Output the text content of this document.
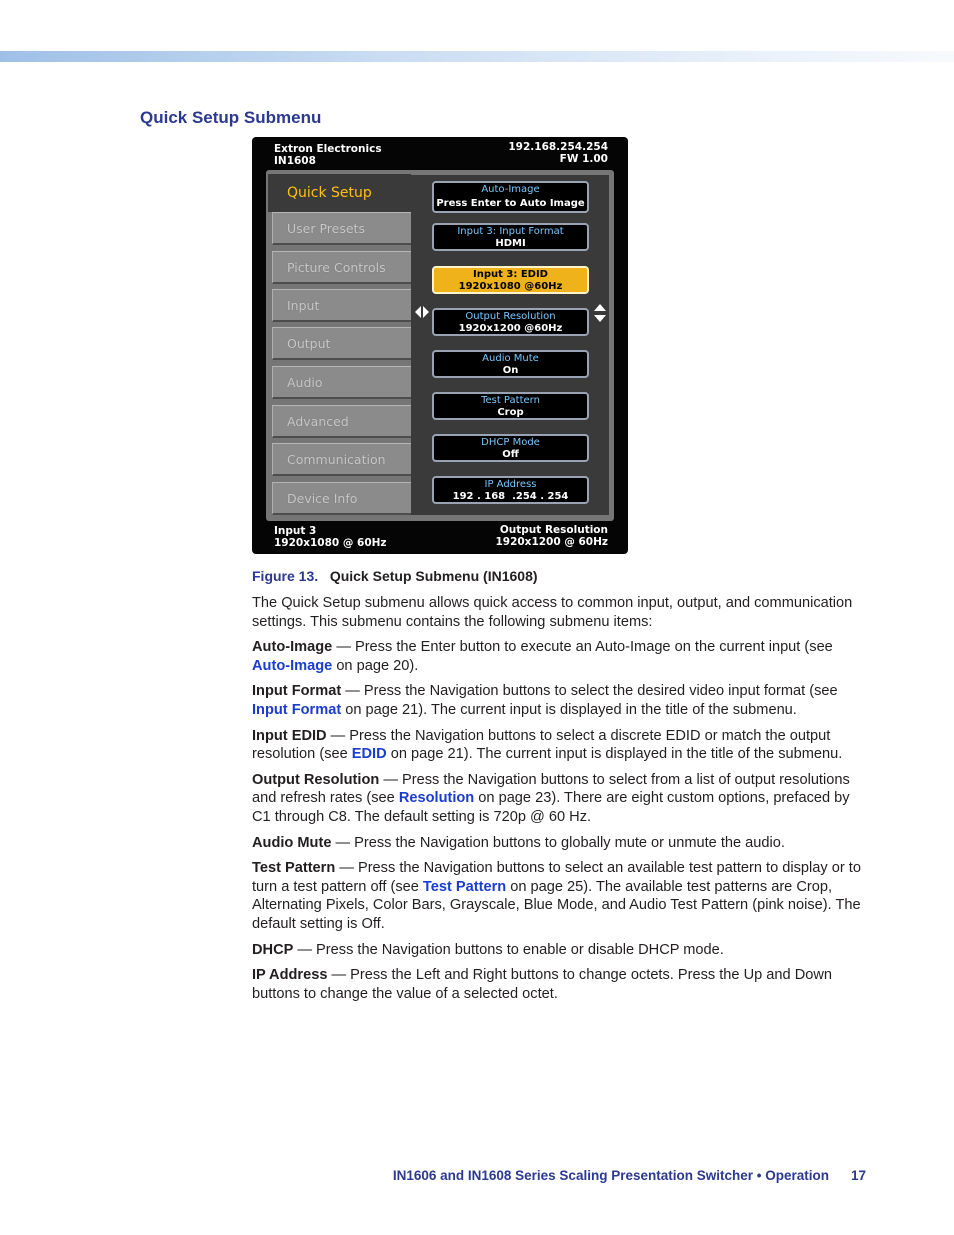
Quick Setup Submenu
Extron Electronics
IN1608
192.168.254.254
FW 1.00
Quick Setup
User Presets
Picture Controls
Input
Output
Audio
Advanced
Communication
Device Info
Auto-Image
Press Enter to Auto Image
Input 3: Input Format
HDMI
Input 3: EDID
1920x1080 @60Hz
Output Resolution
1920x1200 @60Hz
Audio Mute
On
Test Pattern
Crop
DHCP Mode
Off
IP Address
192 . 168  .254 . 254
Input 3
1920x1080 @ 60Hz
Output Resolution
1920x1200 @ 60Hz

Figure 13. Quick Setup Submenu (IN1608)

The Quick Setup submenu allows quick access to common input, output, and communication settings. This submenu contains the following submenu items:

Auto-Image — Press the Enter button to execute an Auto-Image on the current input (see Auto-Image on page 20).

Input Format — Press the Navigation buttons to select the desired video input format (see Input Format on page 21). The current input is displayed in the title of the submenu.

Input EDID — Press the Navigation buttons to select a discrete EDID or match the output resolution (see EDID on page 21). The current input is displayed in the title of the submenu.

Output Resolution — Press the Navigation buttons to select from a list of output resolutions and refresh rates (see Resolution on page 23). There are eight custom options, prefaced by C1 through C8. The default setting is 720p @ 60 Hz.

Audio Mute — Press the Navigation buttons to globally mute or unmute the audio.

Test Pattern — Press the Navigation buttons to select an available test pattern to display or to turn a test pattern off (see Test Pattern on page 25). The available test patterns are Crop, Alternating Pixels, Color Bars, Grayscale, Blue Mode, and Audio Test Pattern (pink noise). The default setting is Off.

DHCP — Press the Navigation buttons to enable or disable DHCP mode.

IP Address — Press the Left and Right buttons to change octets. Press the Up and Down buttons to change the value of a selected octet.

IN1606 and IN1608 Series Scaling Presentation Switcher • Operation 17
